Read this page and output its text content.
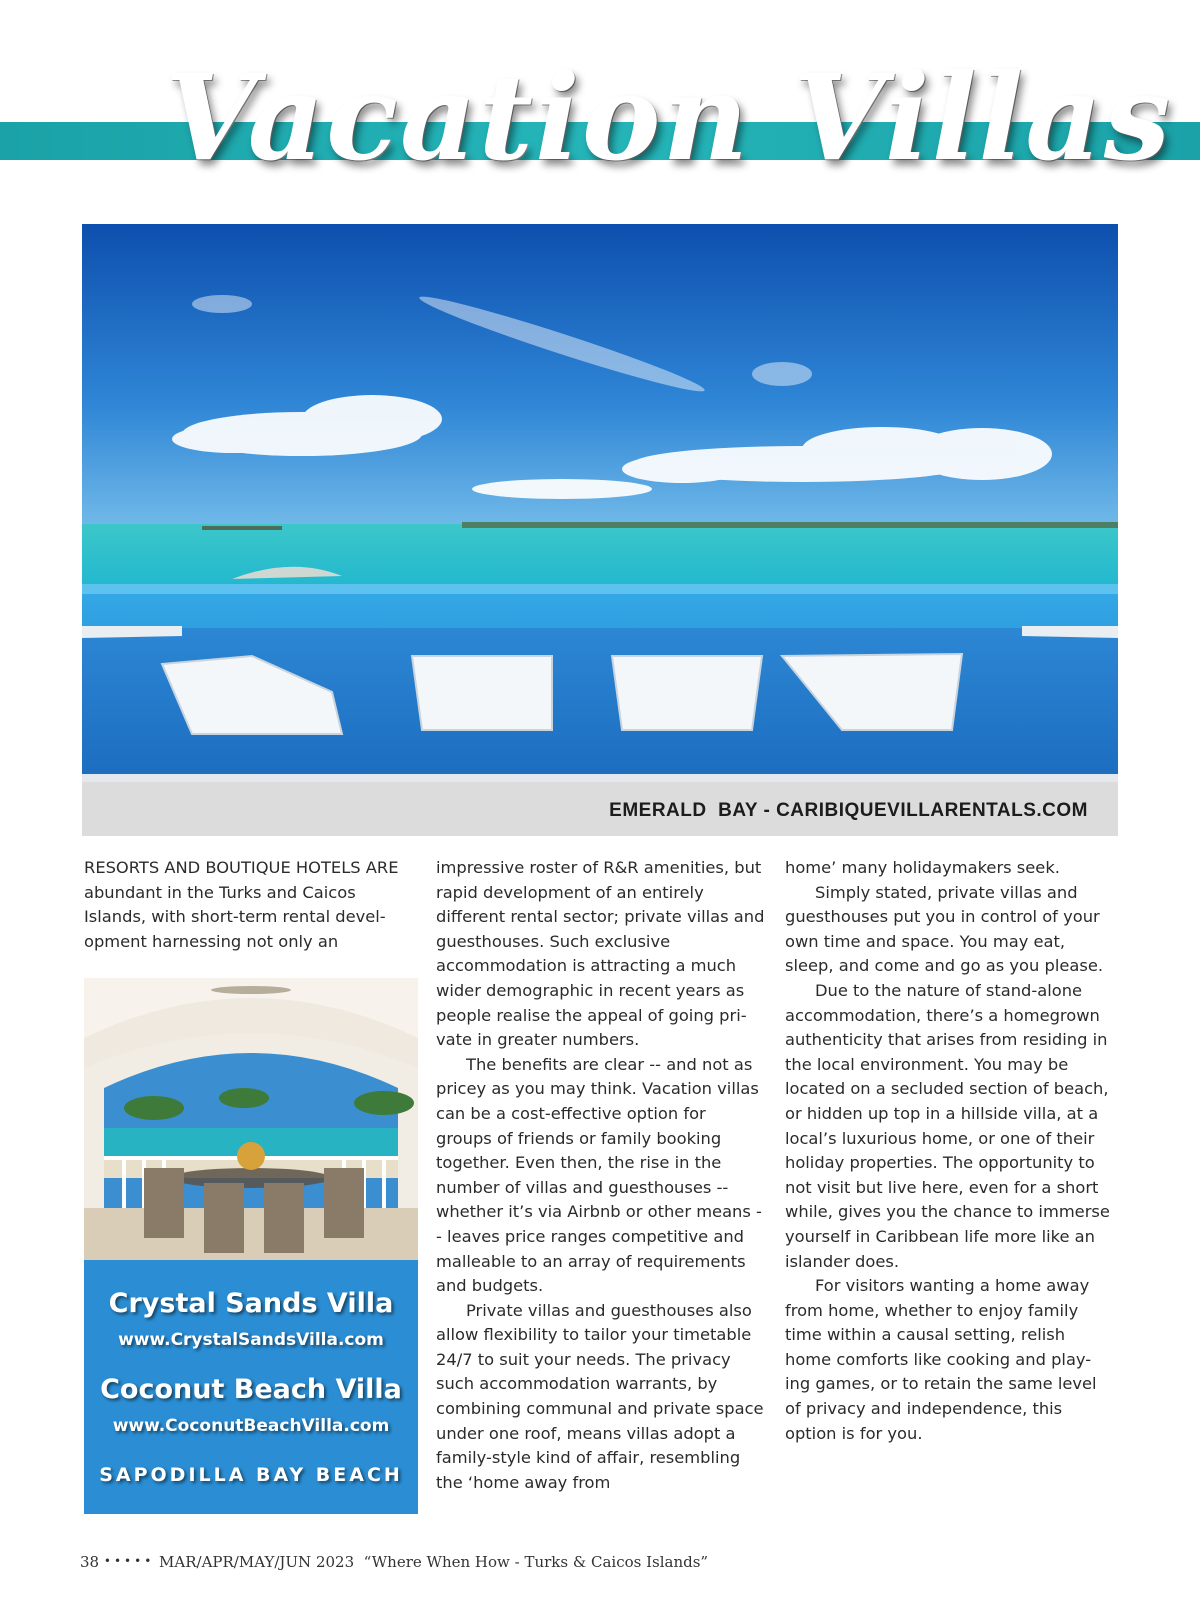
Vacation Villas
EMERALD  BAY - CARIBIQUEVILLARENTALS.COM

RESORTS AND BOUTIQUE HOTELS ARE abundant in the Turks and Caicos Islands, with short-term rental devel- opment harnessing not only an

Crystal Sands Villa
www.CrystalSandsVilla.com
Coconut Beach Villa
www.CoconutBeachVilla.com
SAPODILLA BAY BEACH

impressive roster of R&R amenities, but rapid development of an entirely different rental sector; private villas and guesthouses. Such exclusive accommodation is attracting a much wider demographic in recent years as people realise the appeal of going pri- vate in greater numbers.

The benefits are clear -- and not as pricey as you may think. Vacation villas can be a cost-effective option for groups of friends or family booking together. Even then, the rise in the number of villas and guesthouses -- whether it’s via Airbnb or other means -- leaves price ranges competitive and malleable to an array of requirements and budgets.

Private villas and guesthouses also allow flexibility to tailor your timetable 24/7 to suit your needs. The privacy such accommodation warrants, by combining communal and private space under one roof, means villas adopt a family-style kind of affair, resembling the ‘home away from

home’ many holidaymakers seek.

Simply stated, private villas and guesthouses put you in control of your own time and space. You may eat, sleep, and come and go as you please.

Due to the nature of stand-alone accommodation, there’s a homegrown authenticity that arises from residing in the local environment. You may be located on a secluded section of beach, or hidden up top in a hillside villa, at a local’s luxurious home, or one of their holiday properties. The opportunity to not visit but live here, even for a short while, gives you the chance to immerse yourself in Caribbean life more like an islander does.

For visitors wanting a home away from home, whether to enjoy family time within a causal setting, relish home comforts like cooking and play- ing games, or to retain the same level of privacy and independence, this option is for you.

38 ••••• MAR/APR/MAY/JUN 2023 “Where When How - Turks & Caicos Islands”
